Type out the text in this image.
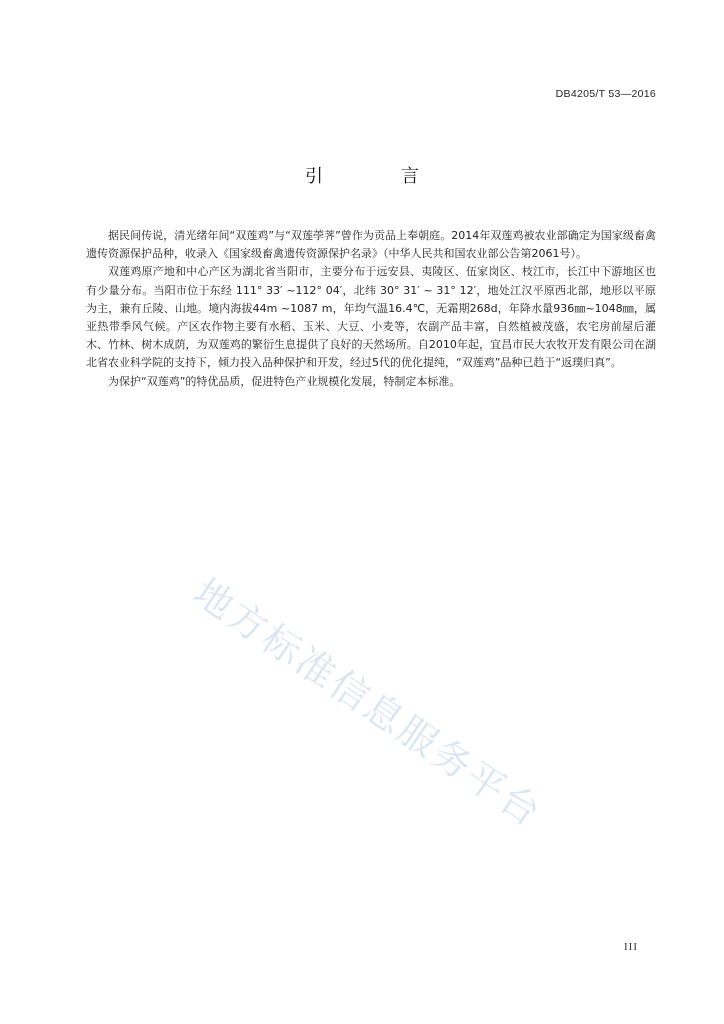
DB4205/T 53—2016
引　言

据民间传说，清光绪年间“双莲鸡”与“双莲荸荠”曾作为贡品上奉朝庭。2014年双莲鸡被农业部确定为国家级畜禽遗传资源保护品种，收录入《国家级畜禽遗传资源保护名录》（中华人民共和国农业部公告第2061号）。

双莲鸡原产地和中心产区为湖北省当阳市，主要分布于远安县、夷陵区、伍家岗区、枝江市，长江中下游地区也有少量分布。当阳市位于东经 111° 33′ ~112° 04′，北纬 30° 31′ ~ 31° 12′，地处江汉平原西北部，地形以平原为主，兼有丘陵、山地。境内海拔44m ~1087 m，年均气温16.4℃，无霜期268d，年降水量936㎜~1048㎜，属亚热带季风气候。产区农作物主要有水稻、玉米、大豆、小麦等，农副产品丰富，自然植被茂盛，农宅房前屋后灌木、竹林、树木成荫，为双莲鸡的繁衍生息提供了良好的天然场所。自2010年起，宜昌市民大农牧开发有限公司在湖北省农业科学院的支持下，倾力投入品种保护和开发，经过5代的优化提纯，“双莲鸡”品种已趋于“返璞归真”。

为保护“双莲鸡”的特优品质，促进特色产业规模化发展，特制定本标准。

地方标准信息服务平台
III
